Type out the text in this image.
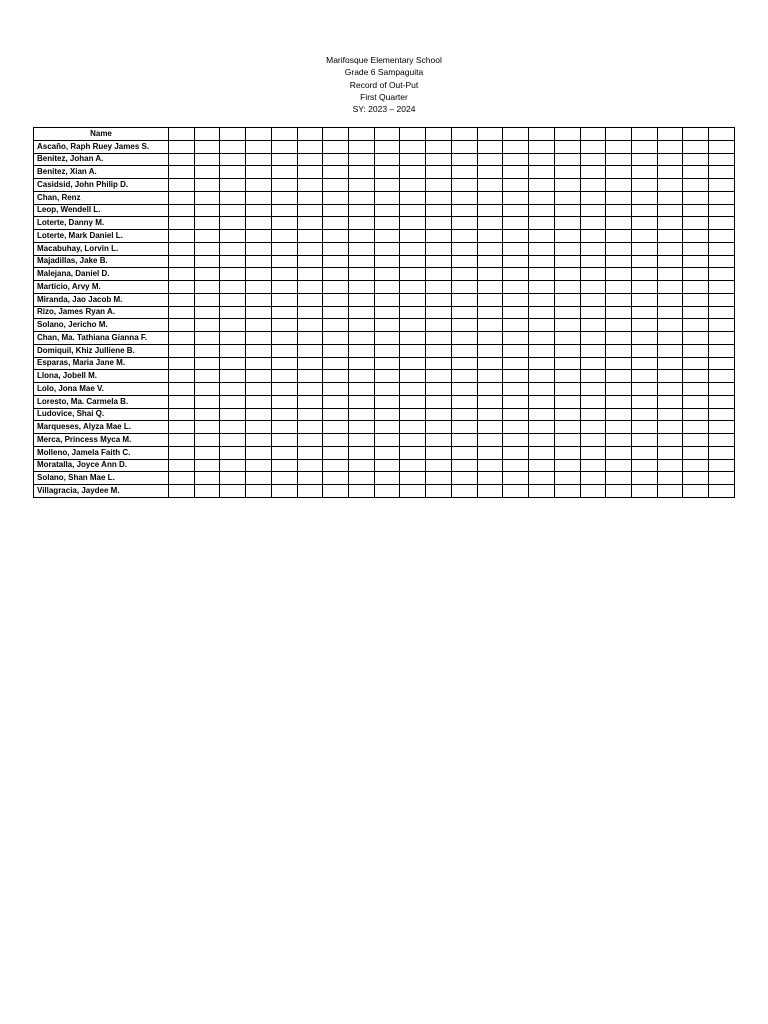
Marifosque Elementary School
Grade 6 Sampaguita
Record of Out-Put
First Quarter
SY: 2023 – 2024
Name																						
Ascaño, Raph Ruey James S.																						
Benitez, Johan A.																						
Benitez, Xian A.																						
Casidsid, John Philip D.																						
Chan, Renz																						
Leop, Wendell L.																						
Loterte, Danny M.																						
Loterte, Mark Daniel L.																						
Macabuhay, Lorvin L.																						
Majadillas, Jake B.																						
Malejana, Daniel D.																						
Marticio, Arvy M.																						
Miranda, Jao Jacob M.																						
Rizo, James Ryan A.																						
Solano, Jericho M.																						
Chan, Ma. Tathiana Gianna F.																						
Domiquil, Khiz Julliene B.																						
Esparas, Maria Jane M.																						
Llona, Jobell M.																						
Lolo, Jona Mae V.																						
Loresto, Ma. Carmela B.																						
Ludovice, Shai Q.																						
Marqueses, Alyza Mae L.																						
Merca, Princess Myca M.																						
Molleno, Jamela Faith C.																						
Moratalla, Joyce Ann D.																						
Solano, Shan Mae L.																						
Villagracia, Jaydee M.																						
